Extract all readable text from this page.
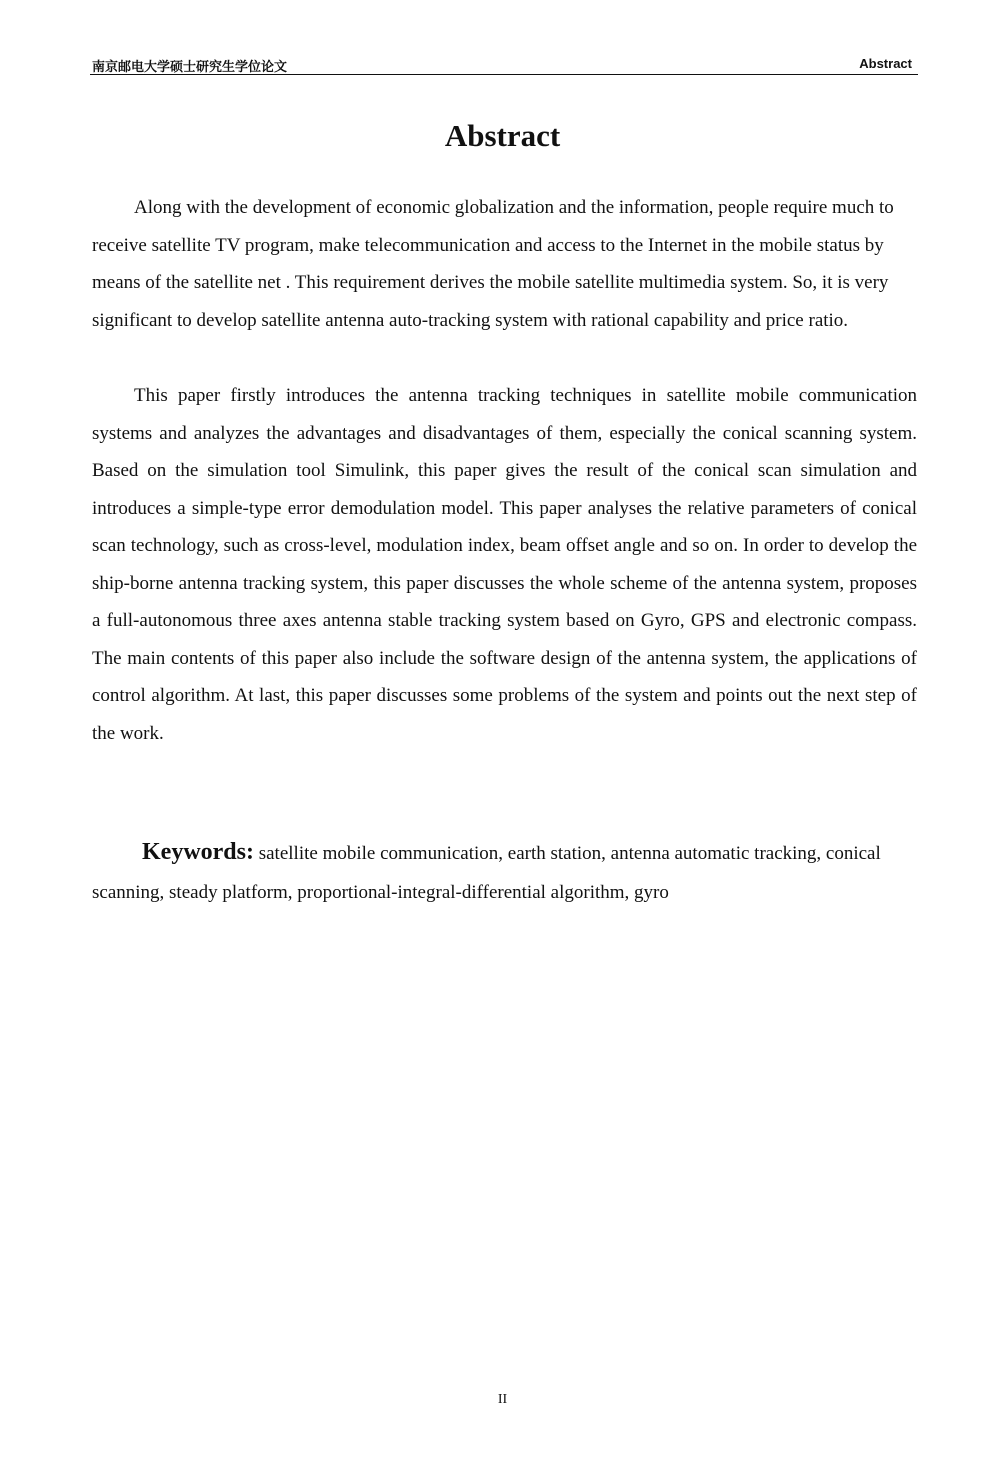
南京邮电大学硕士研究生学位论文	Abstract
Abstract

Along with the development of economic globalization and the information, people require much to receive satellite TV program, make telecommunication and access to the Internet in the mobile status by means of the satellite net . This requirement derives the mobile satellite multimedia system. So, it is very significant to develop satellite antenna auto-tracking system with rational capability and price ratio.

This paper firstly introduces the antenna tracking techniques in satellite mobile communication systems and analyzes the advantages and disadvantages of them, especially the conical scanning system. Based on the simulation tool Simulink, this paper gives the result of the conical scan simulation and introduces a simple-type error demodulation model. This paper analyses the relative parameters of conical scan technology, such as cross-level, modulation index, beam offset angle and so on. In order to develop the ship-borne antenna tracking system, this paper discusses the whole scheme of the antenna system, proposes a full-autonomous three axes antenna stable tracking system based on Gyro, GPS and electronic compass. The main contents of this paper also include the software design of the antenna system, the applications of control algorithm. At last, this paper discusses some problems of the system and points out the next step of the work.

Keywords: satellite mobile communication, earth station, antenna automatic tracking, conical scanning, steady platform, proportional-integral-differential algorithm, gyro

II
